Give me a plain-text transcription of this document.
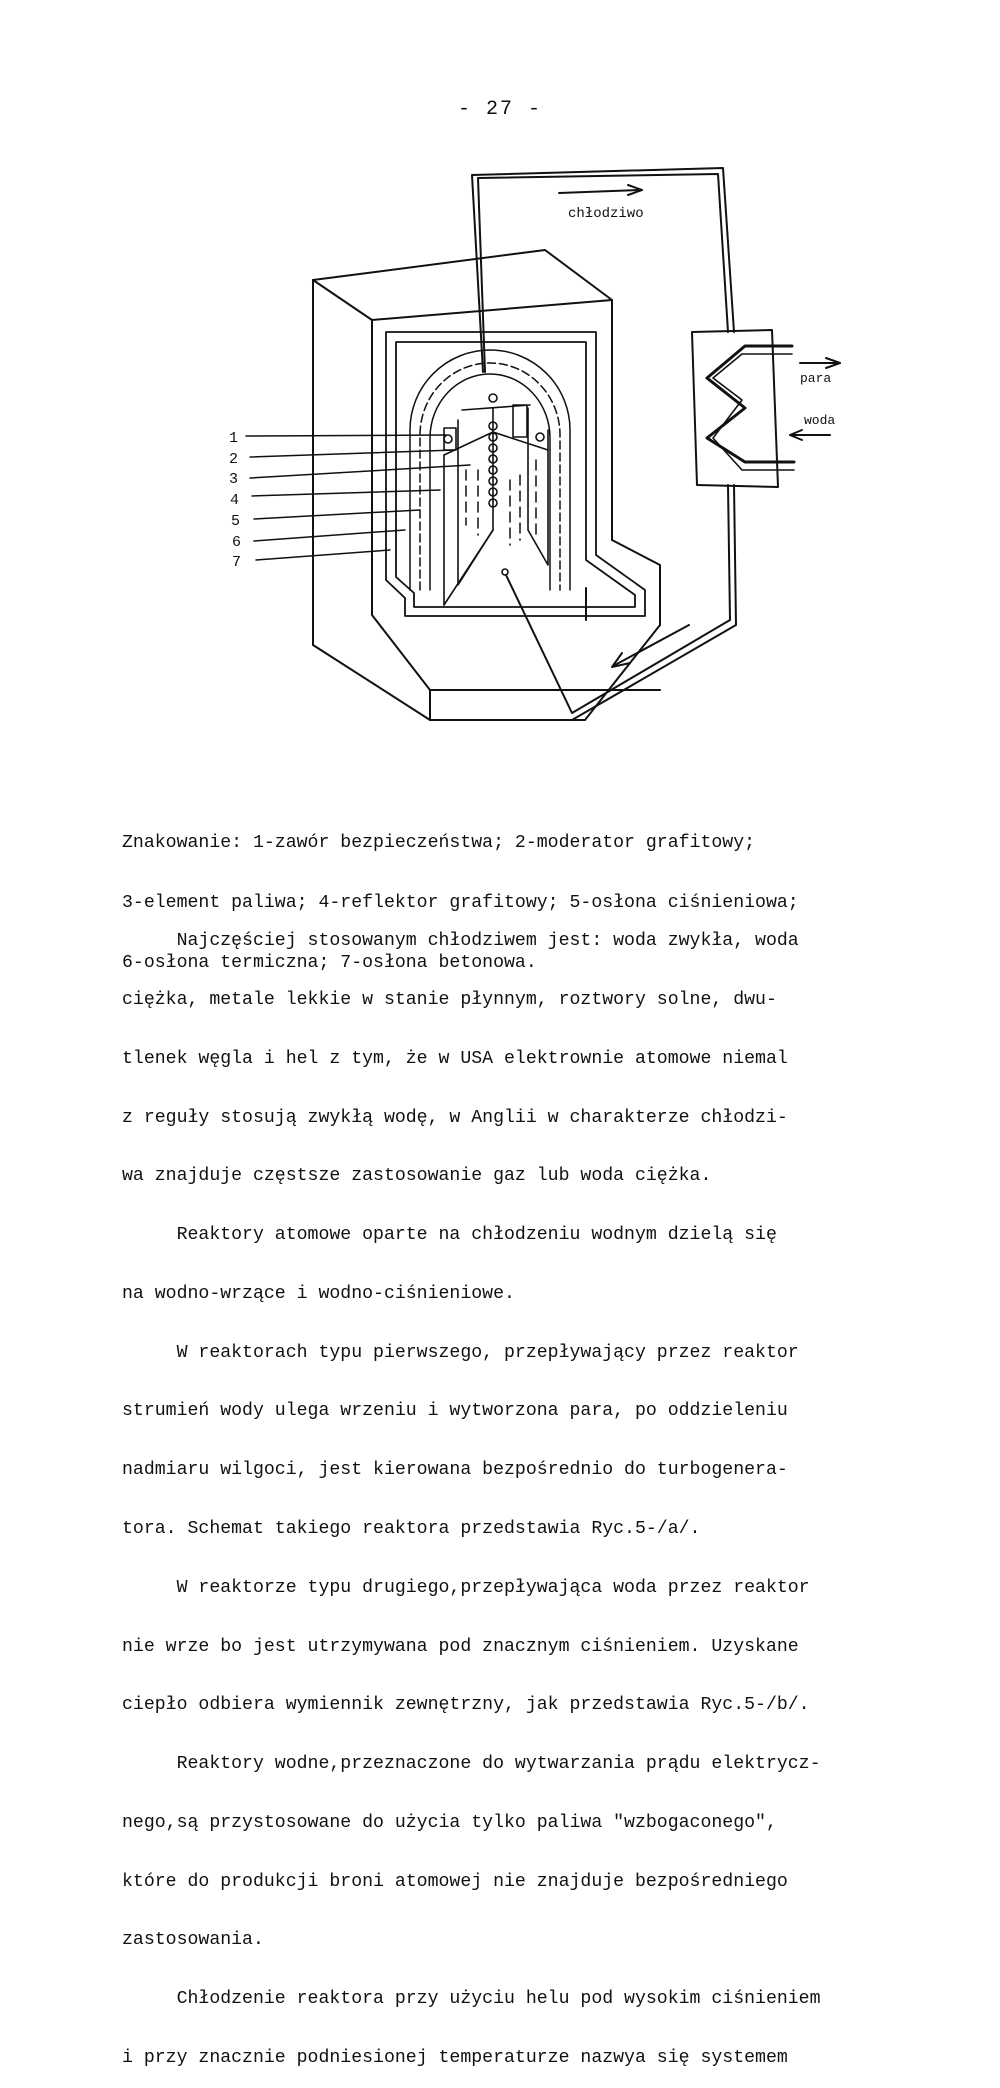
- 27 -
chłodziwo
para
woda
1
2
3
4
5
6
7

Znakowanie: 1-zawór bezpieczeństwa; 2-moderator grafitowy;

3-element paliwa; 4-reflektor grafitowy; 5-osłona ciśnieniowa;

6-osłona termiczna; 7-osłona betonowa.

Najczęściej stosowanym chłodziwem jest: woda zwykła, woda

ciężka, metale lekkie w stanie płynnym, roztwory solne, dwu-

tlenek węgla i hel z tym, że w USA elektrownie atomowe niemal

z reguły stosują zwykłą wodę, w Anglii w charakterze chłodzi-

wa znajduje częstsze zastosowanie gaz lub woda ciężka.

Reaktory atomowe oparte na chłodzeniu wodnym dzielą się

na wodno-wrzące i wodno-ciśnieniowe.

W reaktorach typu pierwszego, przepływający przez reaktor

strumień wody ulega wrzeniu i wytworzona para, po oddzieleniu

nadmiaru wilgoci, jest kierowana bezpośrednio do turbogenera-

tora. Schemat takiego reaktora przedstawia Ryc.5-/a/.

W reaktorze typu drugiego,przepływająca woda przez reaktor

nie wrze bo jest utrzymywana pod znacznym ciśnieniem. Uzyskane

ciepło odbiera wymiennik zewnętrzny, jak przedstawia Ryc.5-/b/.

Reaktory wodne,przeznaczone do wytwarzania prądu elektrycz-

nego,są przystosowane do użycia tylko paliwa "wzbogaconego",

które do produkcji broni atomowej nie znajduje bezpośredniego

zastosowania.

Chłodzenie reaktora przy użyciu helu pod wysokim ciśnieniem

i przy znacznie podniesionej temperaturze nazwya się systemem
